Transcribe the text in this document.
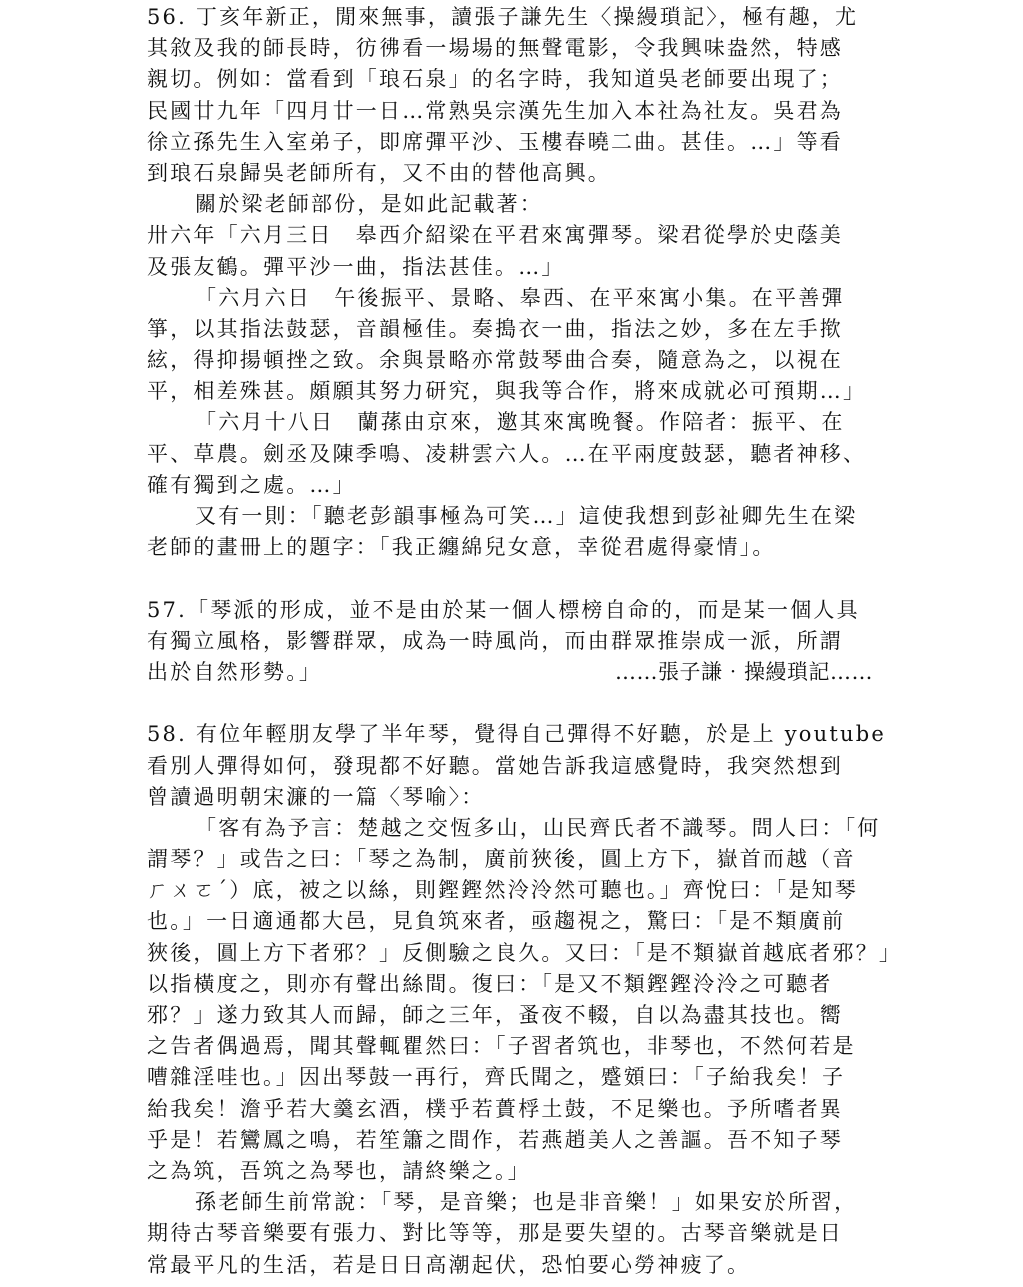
56. 丁亥年新正，閒來無事，讀張子謙先生〈操縵瑣記〉，極有趣，尤
其敘及我的師長時，彷彿看一場場的無聲電影，令我興味盎然，特感
親切。例如：當看到「琅石泉」的名字時，我知道吳老師要出現了；
民國廿九年「四月廿一日…常熟吳宗漢先生加入本社為社友。吳君為
徐立孫先生入室弟子，即席彈平沙、玉樓春曉二曲。甚佳。…」等看
到琅石泉歸吳老師所有，又不由的替他高興。
關於梁老師部份，是如此記載著：
卅六年「六月三日　皋西介紹梁在平君來寓彈琴。梁君從學於史蔭美
及張友鶴。彈平沙一曲，指法甚佳。…」
「六月六日　午後振平、景略、皋西、在平來寓小集。在平善彈
箏，以其指法鼓瑟，音韻極佳。奏搗衣一曲，指法之妙，多在左手揿
絃，得抑揚頓挫之致。余與景略亦常鼓琴曲合奏，隨意為之，以視在
平，相差殊甚。頗願其努力研究，與我等合作，將來成就必可預期…」
「六月十八日　蘭蓀由京來，邀其來寓晚餐。作陪者：振平、在
平、草農。劍丞及陳季鳴、凌耕雲六人。…在平兩度鼓瑟，聽者神移、
確有獨到之處。…」
又有一則：「聽老彭韻事極為可笑…」這使我想到彭祉卿先生在梁
老師的畫冊上的題字：「我正纏綿兒女意，幸從君處得豪情」。
57.「琴派的形成，並不是由於某一個人標榜自命的，而是某一個人具
有獨立風格，影響群眾，成為一時風尚，而由群眾推崇成一派，所謂
出於自然形勢。」	……張子謙‧操縵瑣記……
58. 有位年輕朋友學了半年琴，覺得自己彈得不好聽，於是上 youtube
看別人彈得如何，發現都不好聽。當她告訴我這感覺時，我突然想到
曾讀過明朝宋濂的一篇〈琴喻〉：
「客有為予言：楚越之交恆多山，山民齊氏者不識琴。問人曰：「何
謂琴？」或告之曰：「琴之為制，廣前狹後，圓上方下，嶽首而越（音
ㄏㄨㄛˊ）底，被之以絲，則鏗鏗然泠泠然可聽也。」齊悅曰：「是知琴
也。」一日適通都大邑，見負筑來者，亟趨視之，驚曰：「是不類廣前
狹後，圓上方下者邪？」反側驗之良久。又曰：「是不類嶽首越底者邪？」
以指橫度之，則亦有聲出絲間。復曰：「是又不類鏗鏗泠泠之可聽者
邪？」遂力致其人而歸，師之三年，蚤夜不輟，自以為盡其技也。嚮
之告者偶過焉，聞其聲輒瞿然曰：「子習者筑也，非琴也，不然何若是
嘈雜淫哇也。」因出琴鼓一再行，齊氏聞之，蹙頞曰：「子紿我矣！子
紿我矣！澹乎若大羹玄酒，樸乎若蕢桴土鼓，不足樂也。予所嗜者異
乎是！若鸞鳳之鳴，若笙簫之間作，若燕趙美人之善謳。吾不知子琴
之為筑，吾筑之為琴也，請終樂之。」
孫老師生前常說：「琴，是音樂；也是非音樂！」如果安於所習，
期待古琴音樂要有張力、對比等等，那是要失望的。古琴音樂就是日
常最平凡的生活，若是日日高潮起伏，恐怕要心勞神疲了。
